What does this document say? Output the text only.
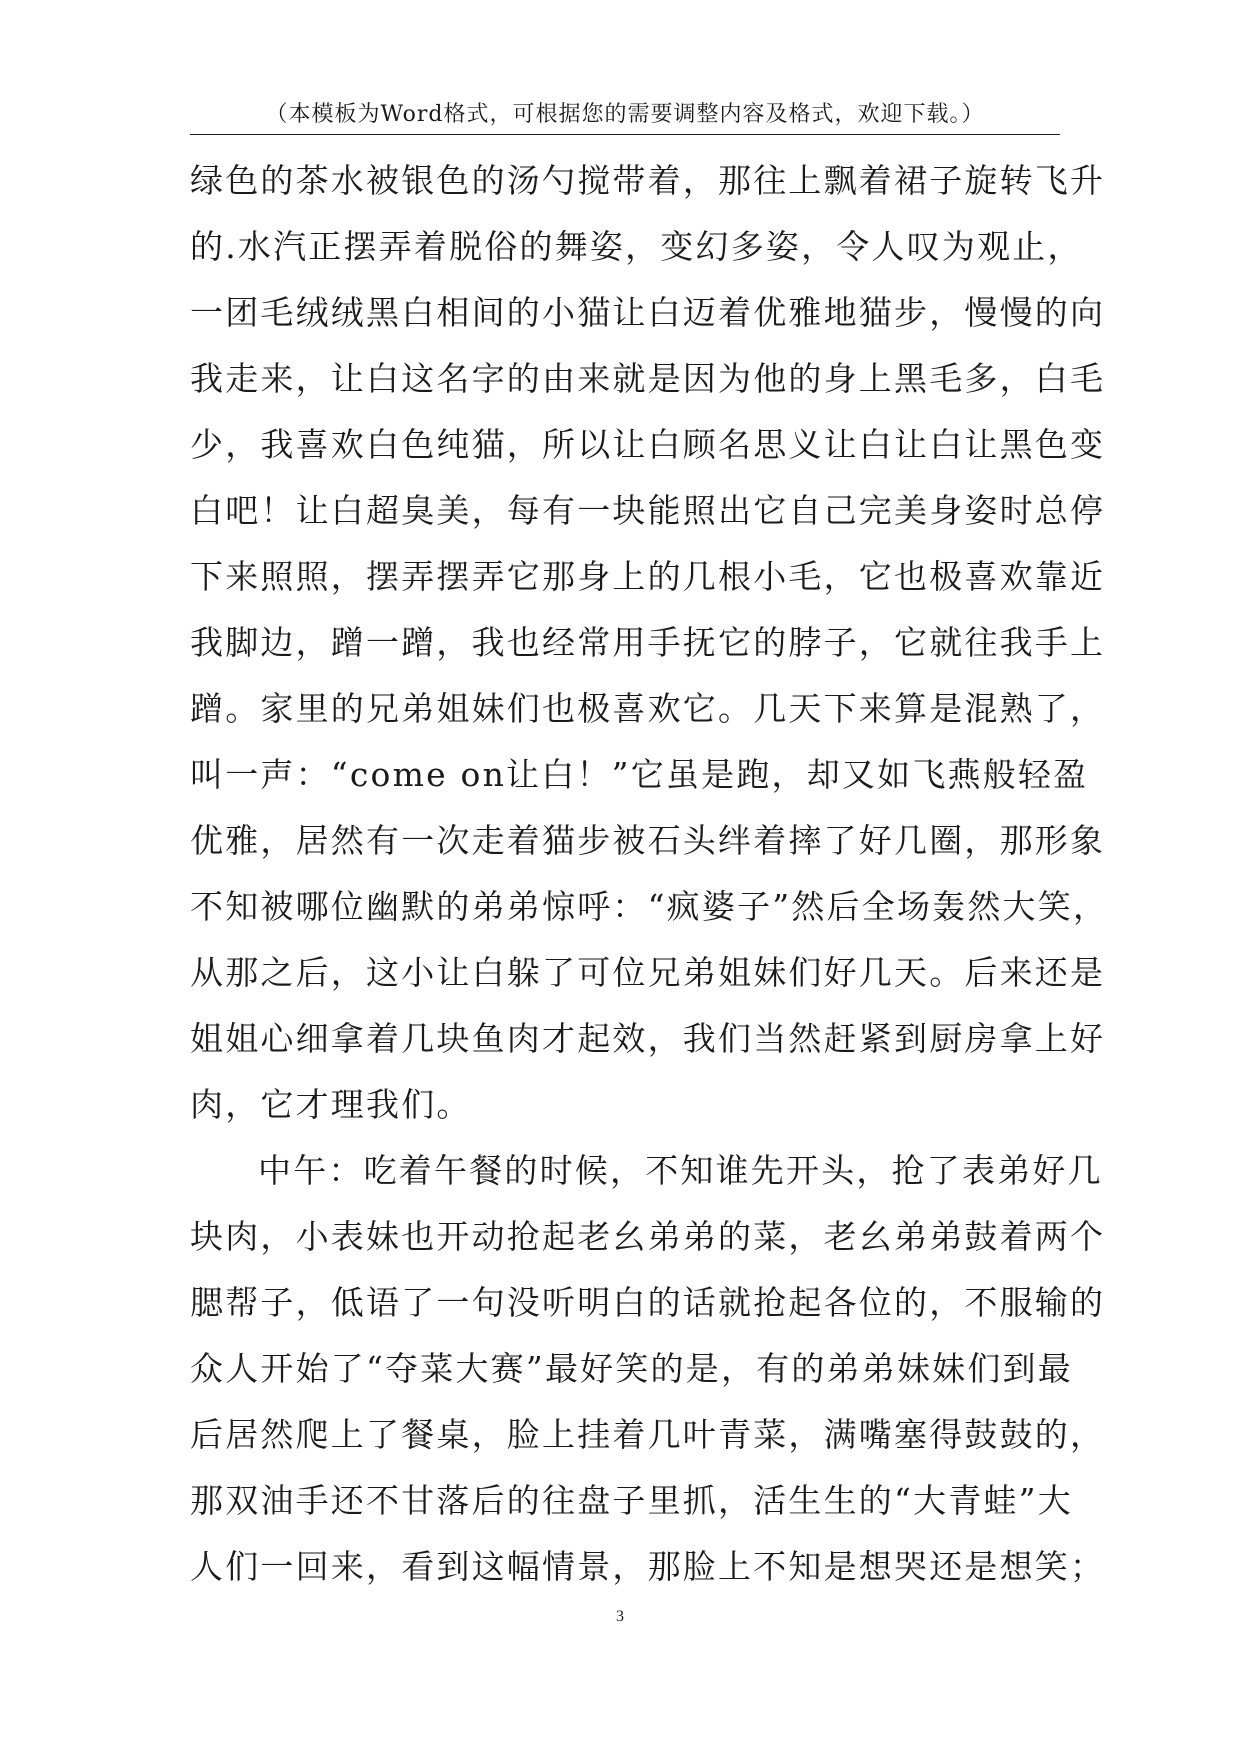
（本模板为Word格式，可根据您的需要调整内容及格式，欢迎下载。）
绿色的茶水被银色的汤勺搅带着，那往上飘着裙子旋转飞升
的.水汽正摆弄着脱俗的舞姿，变幻多姿，令人叹为观止，
一团毛绒绒黑白相间的小猫让白迈着优雅地猫步，慢慢的向
我走来，让白这名字的由来就是因为他的身上黑毛多，白毛
少，我喜欢白色纯猫，所以让白顾名思义让白让白让黑色变
白吧！让白超臭美，每有一块能照出它自己完美身姿时总停
下来照照，摆弄摆弄它那身上的几根小毛，它也极喜欢靠近
我脚边，蹭一蹭，我也经常用手抚它的脖子，它就往我手上
蹭。家里的兄弟姐妹们也极喜欢它。几天下来算是混熟了，
叫一声：“come on让白！”它虽是跑，却又如飞燕般轻盈
优雅，居然有一次走着猫步被石头绊着摔了好几圈，那形象
不知被哪位幽默的弟弟惊呼：“疯婆子”然后全场轰然大笑，
从那之后，这小让白躲了可位兄弟姐妹们好几天。后来还是
姐姐心细拿着几块鱼肉才起效，我们当然赶紧到厨房拿上好
肉，它才理我们。
中午：吃着午餐的时候，不知谁先开头，抢了表弟好几
块肉，小表妹也开动抢起老幺弟弟的菜，老幺弟弟鼓着两个
腮帮子，低语了一句没听明白的话就抢起各位的，不服输的
众人开始了“夺菜大赛”最好笑的是，有的弟弟妹妹们到最
后居然爬上了餐桌，脸上挂着几叶青菜，满嘴塞得鼓鼓的，
那双油手还不甘落后的往盘子里抓，活生生的“大青蛙”大
人们一回来，看到这幅情景，那脸上不知是想哭还是想笑；
3
